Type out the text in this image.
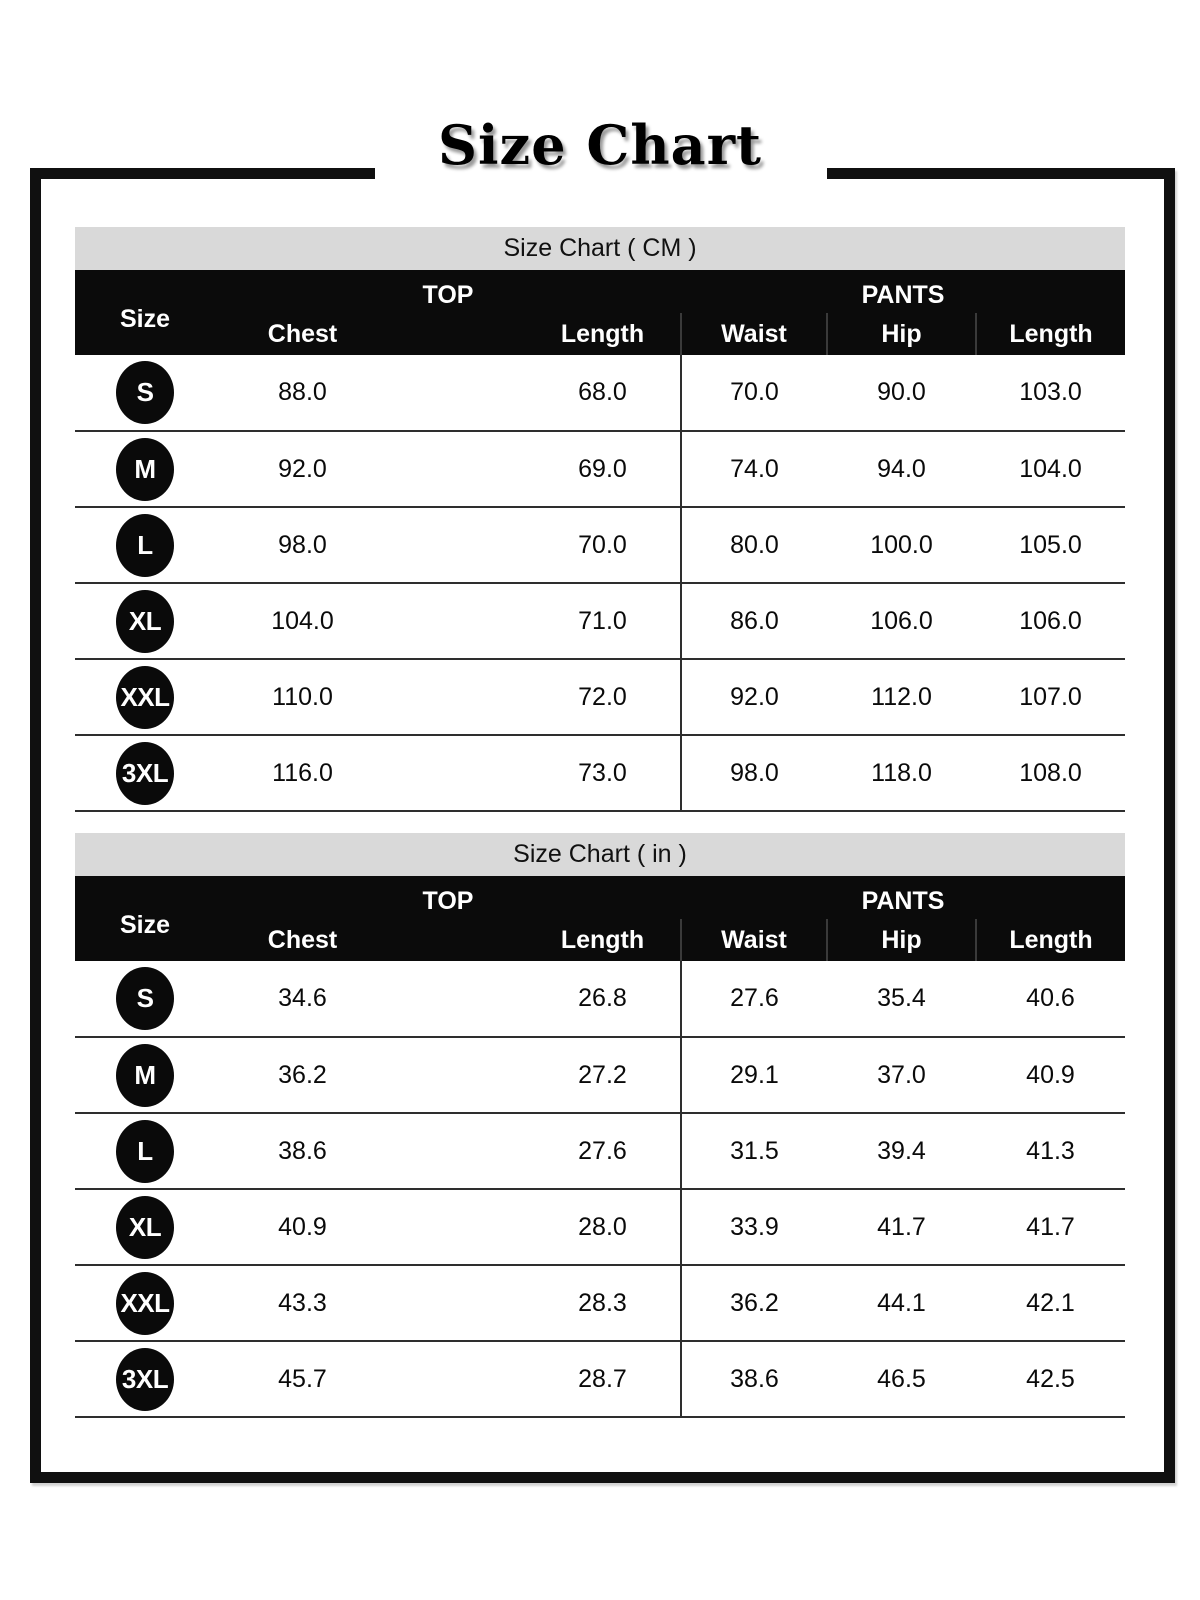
Size Chart
Size Chart ( CM )						
Size	TOP			PANTS		
	Chest		Length	Waist	Hip	Length
S	88.0		68.0	70.0	90.0	103.0
M	92.0		69.0	74.0	94.0	104.0
L	98.0		70.0	80.0	100.0	105.0
XL	104.0		71.0	86.0	106.0	106.0
XXL	110.0		72.0	92.0	112.0	107.0
3XL	116.0		73.0	98.0	118.0	108.0
Size Chart ( in )						
Size	TOP			PANTS		
	Chest		Length	Waist	Hip	Length
S	34.6		26.8	27.6	35.4	40.6
M	36.2		27.2	29.1	37.0	40.9
L	38.6		27.6	31.5	39.4	41.3
XL	40.9		28.0	33.9	41.7	41.7
XXL	43.3		28.3	36.2	44.1	42.1
3XL	45.7		28.7	38.6	46.5	42.5
